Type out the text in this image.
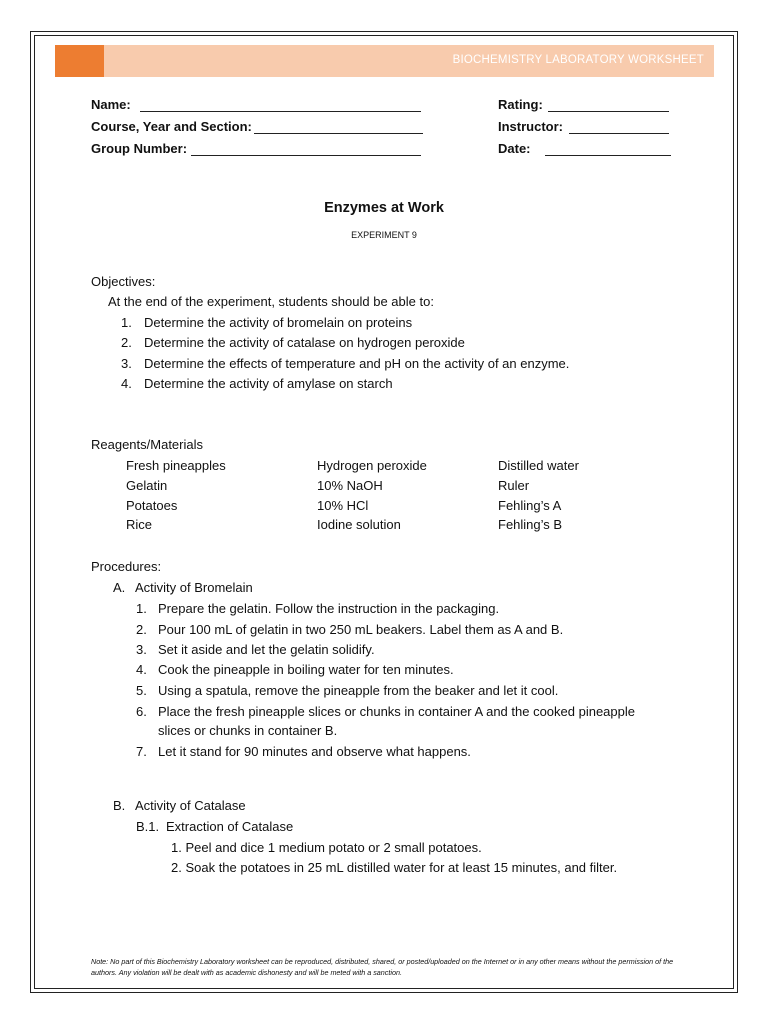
BIOCHEMISTRY LABORATORY WORKSHEET
Name:
Course, Year and Section:
Group Number:
Rating:
Instructor:
Date:
Enzymes at Work
EXPERIMENT 9
Objectives:
At the end of the experiment, students should be able to:
1. Determine the activity of bromelain on proteins
2. Determine the activity of catalase on hydrogen peroxide
3. Determine the effects of temperature and pH on the activity of an enzyme.
4. Determine the activity of amylase on starch
Reagents/Materials
Fresh pineapples
Gelatin
Potatoes
Rice
Hydrogen peroxide
10% NaOH
10% HCl
Iodine solution
Distilled water
Ruler
Fehling’s A
Fehling’s B
Procedures:
A. Activity of Bromelain
1. Prepare the gelatin. Follow the instruction in the packaging.
2. Pour 100 mL of gelatin in two 250 mL beakers. Label them as A and B.
3. Set it aside and let the gelatin solidify.
4. Cook the pineapple in boiling water for ten minutes.
5. Using a spatula, remove the pineapple from the beaker and let it cool.
6. Place the fresh pineapple slices or chunks in container A and the cooked pineapple
slices or chunks in container B.
7. Let it stand for 90 minutes and observe what happens.
B. Activity of Catalase
B.1. Extraction of Catalase
1. Peel and dice 1 medium potato or 2 small potatoes.
2. Soak the potatoes in 25 mL distilled water for at least 15 minutes, and filter.
Note: No part of this Biochemistry Laboratory worksheet can be reproduced, distributed, shared, or posted/uploaded on the Internet or in any other means without the permission of the authors. Any violation will be dealt with as academic dishonesty and will be meted with a sanction.
